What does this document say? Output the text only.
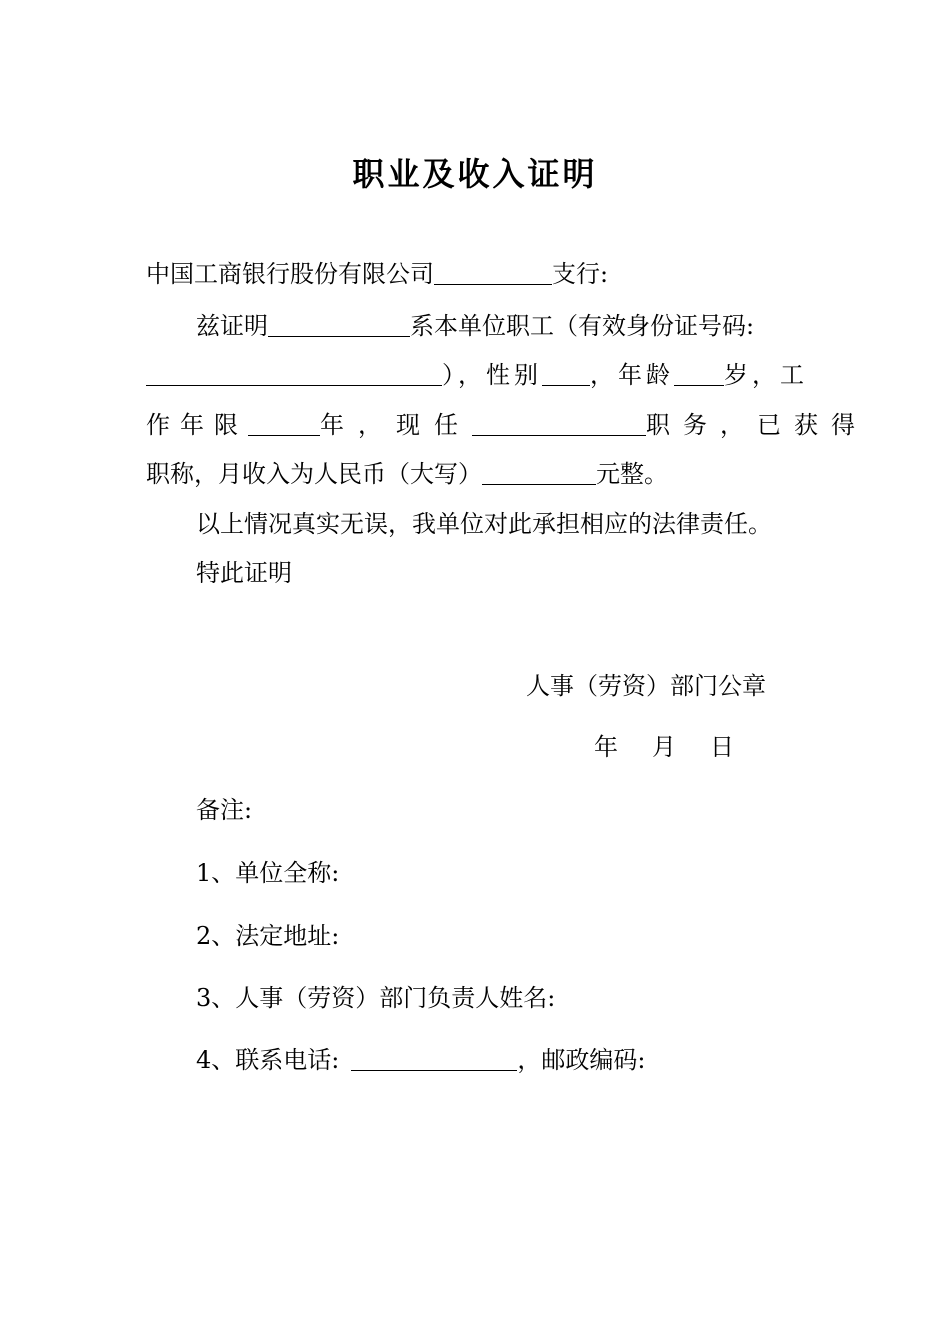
职业及收入证明

中国工商银行股份有限公司	支行:

兹证明	系本单位职工（有效身份证号码:

），性别 ，年龄 岁，工

作年限	年，现任	职务，已获得

职称，月收入为人民币（大写）	元整。

以上情况真实无误，我单位对此承担相应的法律责任。

特此证明

人事（劳资）部门公章

年 月 日

备注:

1、单位全称:

2、法定地址:

3、人事（劳资）部门负责人姓名:

4、联系电话:	，邮政编码:
